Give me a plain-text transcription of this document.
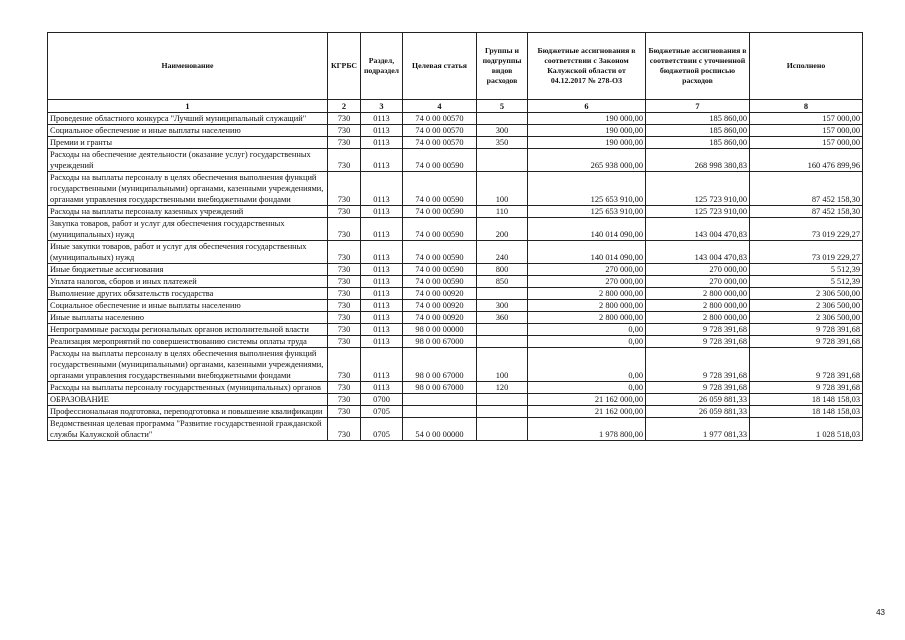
Наименование	КГРБС	Раздел, подраздел	Целевая статья	Группы и подгруппы видов расходов	Бюджетные ассигнования в соответствии с Законом Калужской области от 04.12.2017 № 278-ОЗ	Бюджетные ассигнования в соответствии с уточненной бюджетной росписью расходов	Исполнено
1	2	3	4	5	6	7	8
Проведение областного конкурса "Лучший муниципальный служащий"	730	0113	74 0 00 00570		190 000,00	185 860,00	157 000,00
Социальное обеспечение и иные выплаты населению	730	0113	74 0 00 00570	300	190 000,00	185 860,00	157 000,00
Премии и гранты	730	0113	74 0 00 00570	350	190 000,00	185 860,00	157 000,00
Расходы на обеспечение деятельности (оказание услуг) государственных учреждений	730	0113	74 0 00 00590		265 938 000,00	268 998 380,83	160 476 899,96
Расходы на выплаты персоналу в целях обеспечения выполнения функций государственными (муниципальными) органами, казенными учреждениями, органами управления государственными внебюджетными фондами	730	0113	74 0 00 00590	100	125 653 910,00	125 723 910,00	87 452 158,30
Расходы на выплаты персоналу казенных учреждений	730	0113	74 0 00 00590	110	125 653 910,00	125 723 910,00	87 452 158,30
Закупка товаров, работ и услуг для обеспечения государственных (муниципальных) нужд	730	0113	74 0 00 00590	200	140 014 090,00	143 004 470,83	73 019 229,27
Иные закупки товаров, работ и услуг для обеспечения государственных (муниципальных) нужд	730	0113	74 0 00 00590	240	140 014 090,00	143 004 470,83	73 019 229,27
Иные бюджетные ассигнования	730	0113	74 0 00 00590	800	270 000,00	270 000,00	5 512,39
Уплата налогов, сборов и иных платежей	730	0113	74 0 00 00590	850	270 000,00	270 000,00	5 512,39
Выполнение других обязательств государства	730	0113	74 0 00 00920		2 800 000,00	2 800 000,00	2 306 500,00
Социальное обеспечение и иные выплаты населению	730	0113	74 0 00 00920	300	2 800 000,00	2 800 000,00	2 306 500,00
Иные выплаты населению	730	0113	74 0 00 00920	360	2 800 000,00	2 800 000,00	2 306 500,00
Непрограммные расходы региональных органов исполнительной власти	730	0113	98 0 00 00000		0,00	9 728 391,68	9 728 391,68
Реализация мероприятий по совершенствованию системы оплаты труда	730	0113	98 0 00 67000		0,00	9 728 391,68	9 728 391,68
Расходы на выплаты персоналу в целях обеспечения выполнения функций государственными (муниципальными) органами, казенными учреждениями, органами управления государственными внебюджетными фондами	730	0113	98 0 00 67000	100	0,00	9 728 391,68	9 728 391,68
Расходы на выплаты персоналу государственных (муниципальных) органов	730	0113	98 0 00 67000	120	0,00	9 728 391,68	9 728 391,68
ОБРАЗОВАНИЕ	730	0700			21 162 000,00	26 059 881,33	18 148 158,03
Профессиональная подготовка, переподготовка и повышение квалификации	730	0705			21 162 000,00	26 059 881,33	18 148 158,03
Ведомственная целевая программа "Развитие государственной гражданской службы Калужской области"	730	0705	54 0 00 00000		1 978 800,00	1 977 081,33	1 028 518,03
43
